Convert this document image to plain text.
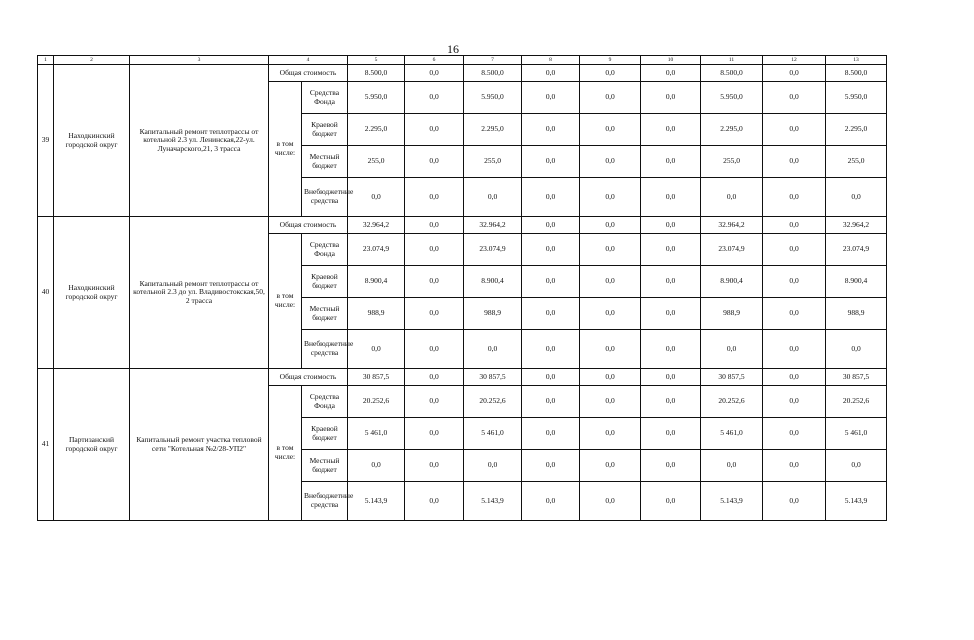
16
1	2	3	4		5	6	7	8	9	10	11	12	13
39	Находкинский городской округ	Капитальный ремонт теплотрассы от котельной 2.3 ул. Ленинская,22-ул. Луначарского,21, 3 трасса	Общая стоимость		8.500,0	0,0	8.500,0	0,0	0,0	0,0	8.500,0	0,0	8.500,0
			в том числе:	Средства Фонда	5.950,0	0,0	5.950,0	0,0	0,0	0,0	5.950,0	0,0	5.950,0
				Краевой бюджет	2.295,0	0,0	2.295,0	0,0	0,0	0,0	2.295,0	0,0	2.295,0
				Местный бюджет	255,0	0,0	255,0	0,0	0,0	0,0	255,0	0,0	255,0
				Внебюджетные средства	0,0	0,0	0,0	0,0	0,0	0,0	0,0	0,0	0,0
40	Находкинский городской округ	Капитальный ремонт теплотрассы от котельной 2.3 до ул. Владивостокская,50, 2 трасса	Общая стоимость		32.964,2	0,0	32.964,2	0,0	0,0	0,0	32.964,2	0,0	32.964,2
			в том числе:	Средства Фонда	23.074,9	0,0	23.074,9	0,0	0,0	0,0	23.074,9	0,0	23.074,9
				Краевой бюджет	8.900,4	0,0	8.900,4	0,0	0,0	0,0	8.900,4	0,0	8.900,4
				Местный бюджет	988,9	0,0	988,9	0,0	0,0	0,0	988,9	0,0	988,9
				Внебюджетные средства	0,0	0,0	0,0	0,0	0,0	0,0	0,0	0,0	0,0
41	Партизанский городской округ	Капитальный ремонт участка тепловой сети "Котельная №2/28-УП2"	Общая стоимость		30 857,5	0,0	30 857,5	0,0	0,0	0,0	30 857,5	0,0	30 857,5
			в том числе:	Средства Фонда	20.252,6	0,0	20.252,6	0,0	0,0	0,0	20.252,6	0,0	20.252,6
				Краевой бюджет	5 461,0	0,0	5 461,0	0,0	0,0	0,0	5 461,0	0,0	5 461,0
				Местный бюджет	0,0	0,0	0,0	0,0	0,0	0,0	0,0	0,0	0,0
				Внебюджетные средства	5.143,9	0,0	5.143,9	0,0	0,0	0,0	5.143,9	0,0	5.143,9
